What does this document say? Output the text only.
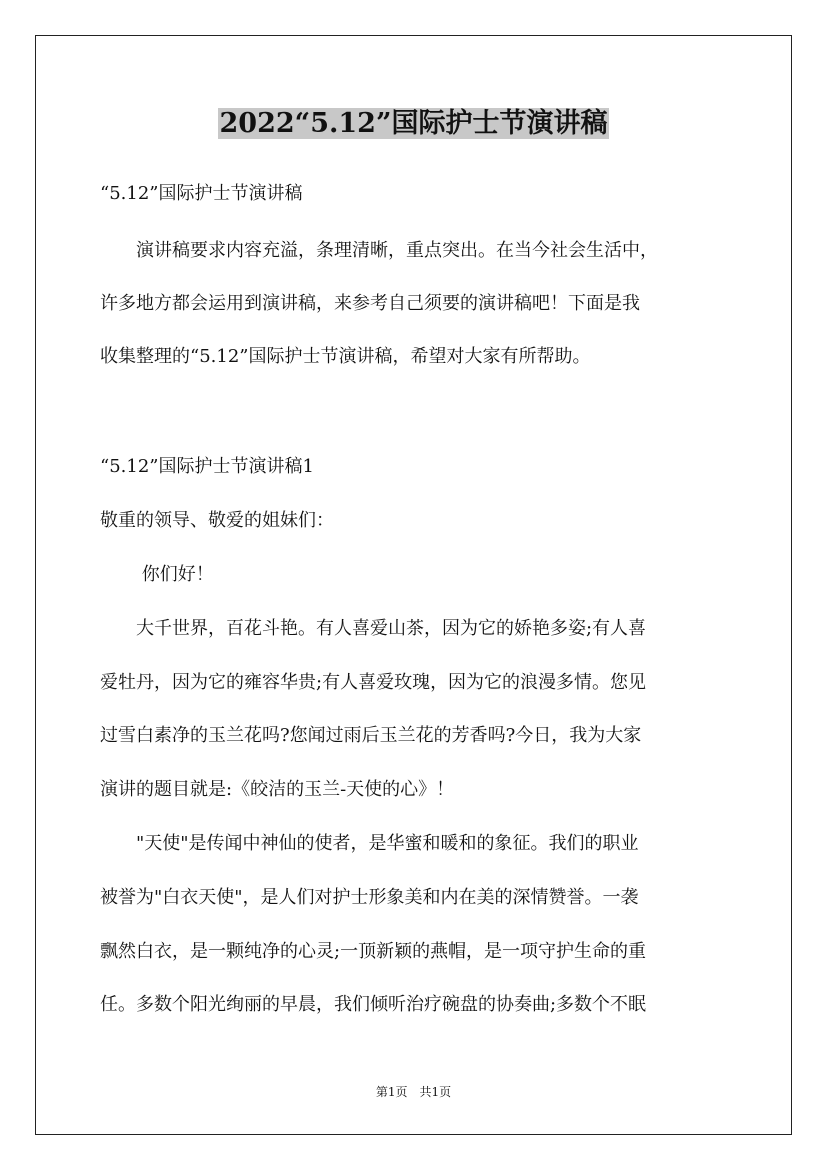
2022“5.12”国际护士节演讲稿

“5.12”国际护士节演讲稿

　　演讲稿要求内容充溢，条理清晰，重点突出。在当今社会生活中，

许多地方都会运用到演讲稿，来参考自己须要的演讲稿吧！下面是我

收集整理的“5.12”国际护士节演讲稿，希望对大家有所帮助。

“5.12”国际护士节演讲稿1

敬重的领导、敬爱的姐妹们：

　　 你们好！

　　大千世界，百花斗艳。有人喜爱山茶，因为它的娇艳多姿;有人喜

爱牡丹，因为它的雍容华贵;有人喜爱玫瑰，因为它的浪漫多情。您见

过雪白素净的玉兰花吗?您闻过雨后玉兰花的芳香吗?今日，我为大家

演讲的题目就是:《皎洁的玉兰-天使的心》！

　　"天使"是传闻中神仙的使者，是华蜜和暖和的象征。我们的职业

被誉为"白衣天使"，是人们对护士形象美和内在美的深情赞誉。一袭

飘然白衣，是一颗纯净的心灵;一顶新颖的燕帽，是一项守护生命的重

任。多数个阳光绚丽的早晨，我们倾听治疗碗盘的协奏曲;多数个不眠

第1页　共1页
